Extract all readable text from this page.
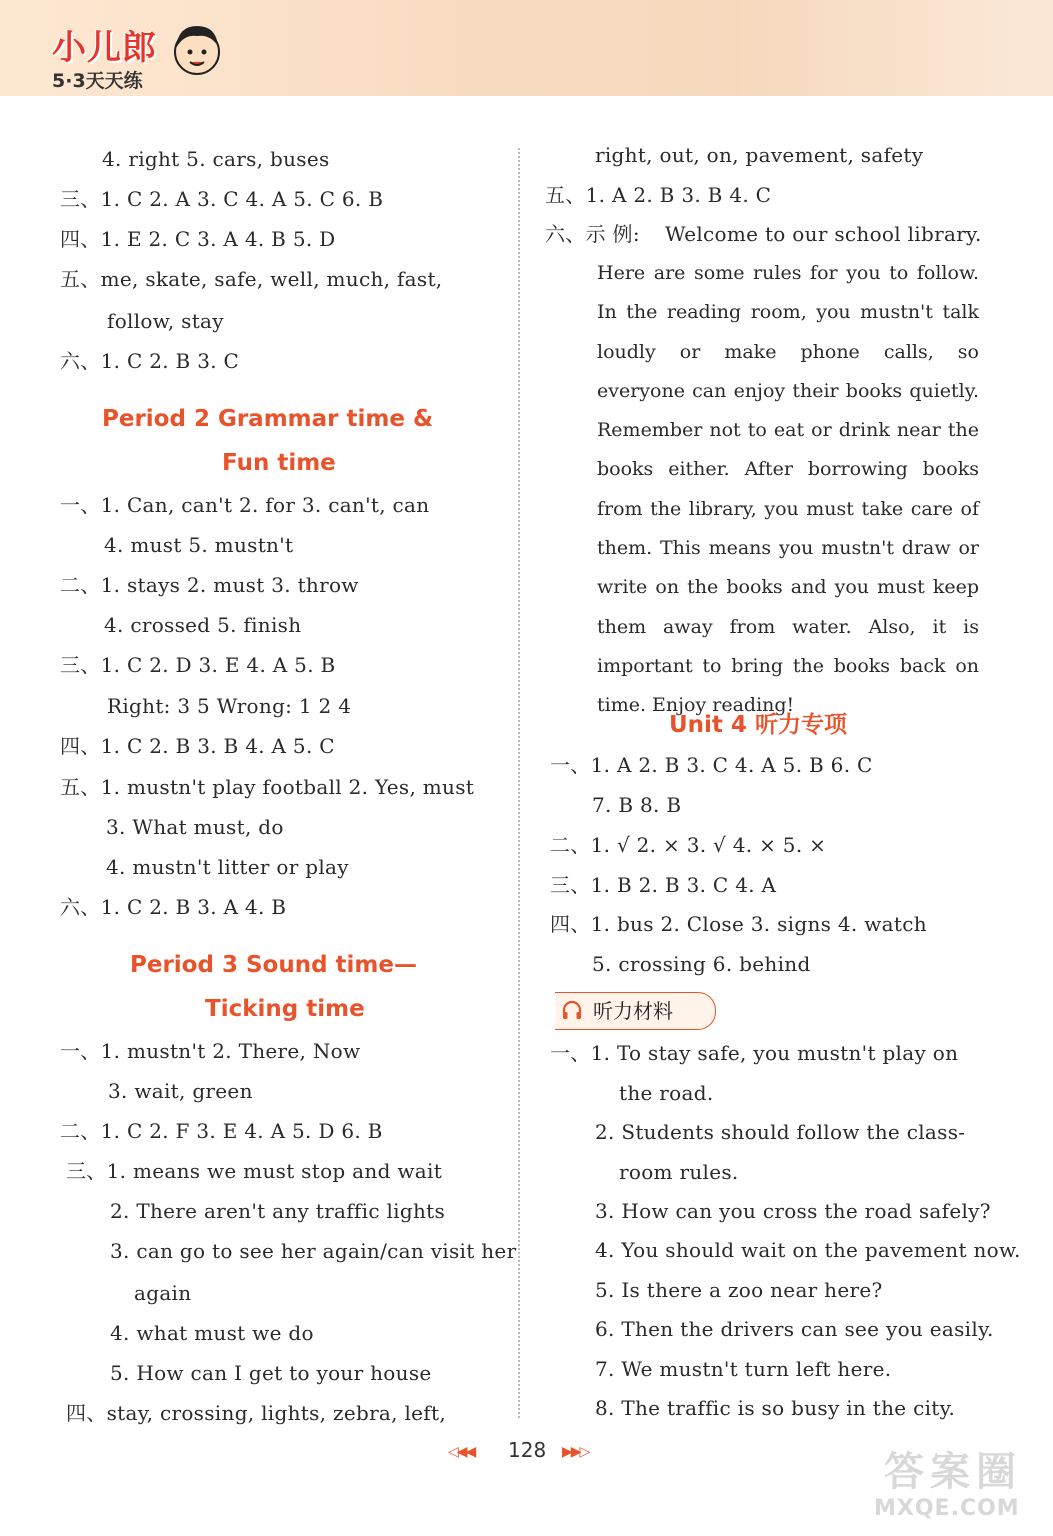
小儿郎
5·3天天练
4. right 5. cars, buses
三、1. C 2. A 3. C 4. A 5. C 6. B
四、1. E 2. C 3. A 4. B 5. D
五、me, skate, safe, well, much, fast,
follow, stay
六、1. C 2. B 3. C
Period 2 Grammar time &
Fun time
一、1. Can, can't 2. for 3. can't, can
4. must 5. mustn't
二、1. stays 2. must 3. throw
4. crossed 5. finish
三、1. C 2. D 3. E 4. A 5. B
Right: 3 5 Wrong: 1 2 4
四、1. C 2. B 3. B 4. A 5. C
五、1. mustn't play football 2. Yes, must
3. What must, do
4. mustn't litter or play
六、1. C 2. B 3. A 4. B
Period 3 Sound time—
Ticking time
一、1. mustn't 2. There, Now
3. wait, green
二、1. C 2. F 3. E 4. A 5. D 6. B
三、1. means we must stop and wait
2. There aren't any traffic lights
3. can go to see her again/can visit her
again
4. what must we do
5. How can I get to your house
四、stay, crossing, lights, zebra, left,
right, out, on, pavement, safety
五、1. A 2. B 3. B 4. C
六、示 例: Welcome to our school library.
Here are some rules for you to follow. In the reading room, you mustn't talk loudly or make phone calls, so everyone can enjoy their books quietly. Remember not to eat or drink near the books either. After borrowing books from the library, you must take care of them. This means you mustn't draw or write on the books and you must keep them away from water. Also, it is important to bring the books back on time. Enjoy reading!
Unit 4 听力专项
一、1. A 2. B 3. C 4. A 5. B 6. C
7. B 8. B
二、1. √ 2. × 3. √ 4. × 5. ×
三、1. B 2. B 3. C 4. A
四、1. bus 2. Close 3. signs 4. watch
5. crossing 6. behind
听力材料
一、1. To stay safe, you mustn't play on
the road.
2. Students should follow the class-
room rules.
3. How can you cross the road safely?
4. You should wait on the pavement now.
5. Is there a zoo near here?
6. Then the drivers can see you easily.
7. We mustn't turn left here.
8. The traffic is so busy in the city.
◁◀◀ 128 ▶▶▷	答案圈
MXQE.COM
